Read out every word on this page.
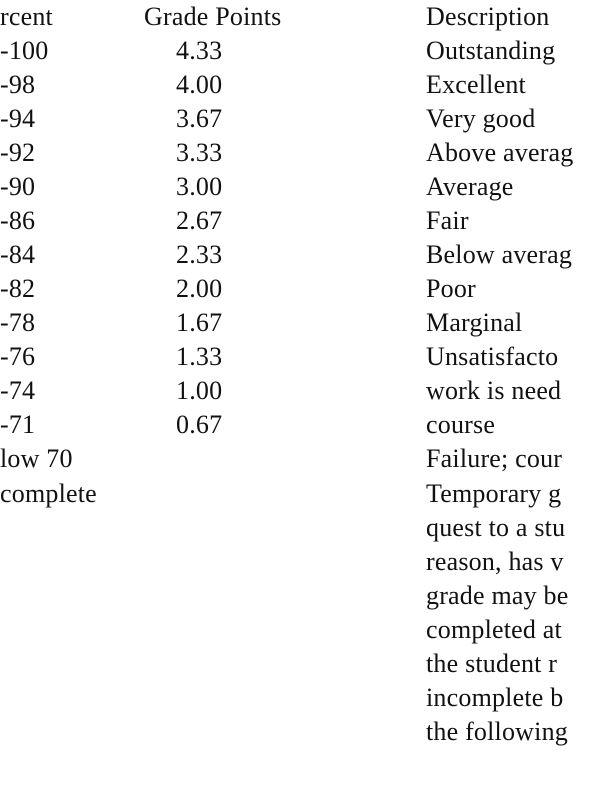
rcent	Grade Points	Description
-100	4.33	Outstanding
-98	4.00	Excellent
-94	3.67	Very good
-92	3.33	Above averag
-90	3.00	Average
-86	2.67	Fair
-84	2.33	Below averag
-82	2.00	Poor
-78	1.67	Marginal
-76	1.33	Unsatisfacto
-74	1.00	work is need
-71	0.67	course
low 70	Failure; cour
complete	Temporary g
quest to a stu
reason, has v
grade may be
completed at
the student r
incomplete b
the following
